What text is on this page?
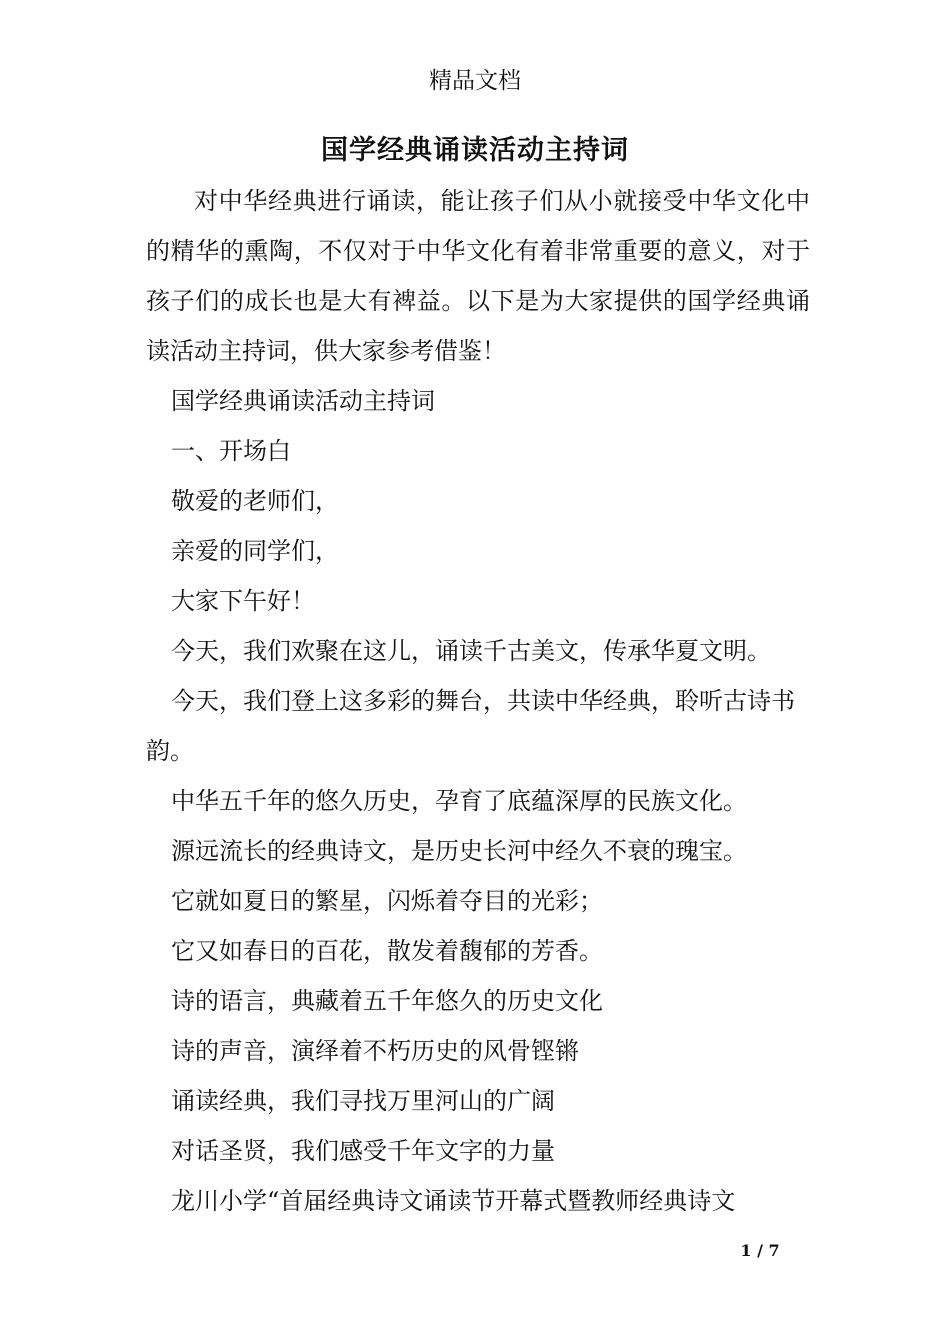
精品文档
国学经典诵读活动主持词

对中华经典进行诵读，能让孩子们从小就接受中华文化中的精华的熏陶，不仅对于中华文化有着非常重要的意义，对于孩子们的成长也是大有裨益。以下是为大家提供的国学经典诵读活动主持词，供大家参考借鉴！

国学经典诵读活动主持词

一、开场白

敬爱的老师们，

亲爱的同学们，

大家下午好！

今天，我们欢聚在这儿，诵读千古美文，传承华夏文明。

今天，我们登上这多彩的舞台，共读中华经典，聆听古诗书韵。

中华五千年的悠久历史，孕育了底蕴深厚的民族文化。

源远流长的经典诗文，是历史长河中经久不衰的瑰宝。

它就如夏日的繁星，闪烁着夺目的光彩；

它又如春日的百花，散发着馥郁的芳香。

诗的语言，典藏着五千年悠久的历史文化

诗的声音，演绎着不朽历史的风骨铿锵

诵读经典，我们寻找万里河山的广阔

对话圣贤，我们感受千年文字的力量

龙川小学“首届经典诗文诵读节开幕式暨教师经典诗文

1 / 7
